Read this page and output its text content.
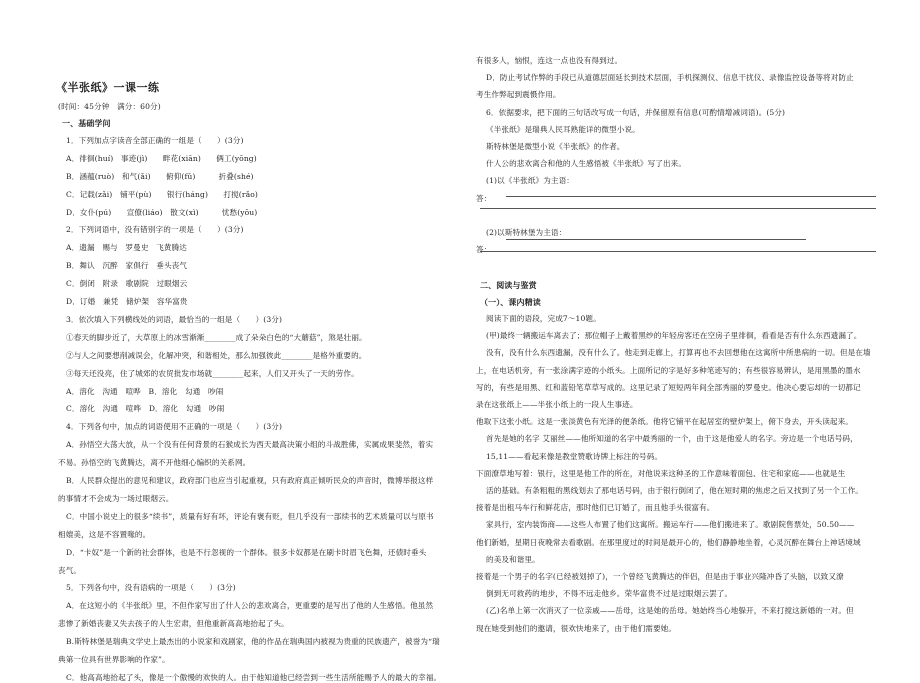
《半张纸》一课一练
(时间：45分钟　满分：60分)
一、基础学问
1．下列加点字读音全部正确的一组是（　　）(3分)
A．徘徊(huí)　事迹(jì)　　畔花(xiān)　　俩工(yōng)
B．涵蕴(ruò)　和气(ǎi)　　俯仰(fǔ)　　　折叠(shé)
C．记载(zǎi)　铺平(pù)　　银行(háng)　　打搅(rǎo)
D．女仆(pú)　　宣僚(liáo)　散文(xì)　　　忧愁(yōu)
2．下列词语中，没有错别字的一项是（　　）(3分)
A．遗漏　赐与　罗曼史　飞黄腾达
B．舞认　沉醉　家俱行　垂头丧气
C．倒闭　附录　歌剧院　过眼烟云
D．订婚　兼凭　储炉架　容华富贵
3．依次填入下列横线处的词语，最恰当的一组是（　　）(3分)
①春天的脚步近了，大草原上的冰雪渐渐________成了朵朵白色的“大蘑菇”，煞是壮丽。
②与人之间要想削减误会，化解冲突，和谐相处，那么加强彼此________是格外重要的。
③每天还没亮，住了城郊的农贸批发市场就________起来，人们又开头了一天的劳作。
A．溶化　沟通　喧哗　B．溶化　勾通　吵闹
C．溶化　沟通　喧哗　D．溶化　勾通　吵闹
4．下列各句中，加点的词语使用不正确的一项是（　　）(3分)
A．孙悟空大荡大放，从一个没有任何背景的石猴成长为西天最高决策小组的斗战胜佛，实属成果斐然，着实
不易。孙悟空的飞黄腾达，离不开他细心编织的关系网。
B．人民群众提出的意见和建议，政府部门也应当引起重视，只有政府真正倾听民众的声音时，微博举报这样
的事情才不会成为一场过眼烟云。
C．中国小说史上的很多“续书”，质量有好有坏，评论有褒有贬，但几乎没有一部续书的艺术质量可以与原书
相媲美，这是不容置喙的。
D．“卡奴”是一个新的社会群体，也是不行忽视的一个群体。很多卡奴都是在刷卡时眉飞色舞，还债时垂头
丧气。
5．下列各句中，没有语病的一项是（　　）(3分)
A．在这短小的《半张纸》里，不但作家写出了什人公的悲欢离合，更重要的是写出了他的人生感悟。他虽然
悲惨了新婚丧妻又失去孩子的人生宏肃，但他重新高高地抬起了头。
B.斯特林堡是瑞典文学史上最杰出的小说家和戏剧家，他的作品在瑞典国内被视为贵重的民族遗产，被誉为“瑞
典第一位具有世界影响的作家”。
C．他高高地抬起了头，像是一个傲慢的欢快的人。由于他知道他已经尝到一些生活所能赐予人的最大的幸福。
有很多人，恼恨，连这一点也没有得到过。
D．防止考试作弊的手段已从道德层面延长到技术层面，手机探测仪、信息干扰仪、录像监控设备等将对防止
考生作弊起到震慑作用。
6．依据要求，把下面的三句话改写成一句话，并保留原有信息(可酌情增减词语)。(5分)
《半张纸》是瑞典人民耳熟能详的微型小说。
斯特林堡是微型小说《半张纸》的作者。
什人公的悲欢离合和他的人生感悟被《半张纸》写了出来。
(1)以《半张纸》为主语：
答：
(2)以斯特林堡为主语：
答：
二、阅读与鉴赏
（一）、课内精读
阅读下面的语段，完成7～10题。
(甲)最终一辆搬运车离去了；那位帽子上戴着黑纱的年轻房客还在空房子里徘徊，看看是否有什么东西遗漏了。
没有，没有什么东西遗漏，没有什么了。他走到走廊上，打算再也不去回想他在这寓所中所患病的一切。但是在墙
上，在电话机旁，有一张涂满字迹的小纸头。上面所记的字是好多种笔迹写的；有些很容易辨认，是用黑墨的墨水
写的，有些是用黑、红和蓝铅笔草草写成的。这里记录了短短两年间全部秀丽的罗曼史。他决心要忘却的一切都记
录在这张纸上——半张小纸上的一段人生事迹。
他取下这张小纸。这是一张淡黄色有光泽的便条纸。他将它铺平在起居室的壁炉架上，俯下身去，开头读起来。
首先是她的名字 艾丽丝——他所知道的名字中最秀丽的一个，由于这是他爱人的名字。旁边是一个电话号码，
15,11——看起来像是教堂赞歌诗牌上标注的号码。
下面潦草地写着：银行，这里是他工作的所在，对他说来这种圣的工作意味着面包、住宅和家庭——也就是生
活的基础。有条粗粗的黑线划去了那电话号码，由于银行倒闭了，他在短时期的焦虑之后又找到了另一个工作。
接着是出租马车行和鲜花店，那时他们已订婚了，而且他手头很富有。
家具行，室内装饰商——这些人布置了他们这寓所。搬运车行——他们搬进来了。歌剧院售票处，50.50——
他们新婚，星期日夜晚常去看歌剧。在那里度过的时间是最开心的，他们静静地坐着，心灵沉醉在舞台上神话境域
的美及和谐里。
接着是一个男子的名字(已经被划掉了)，一个曾经飞黄腾达的伴侣，但是由于事业兴隆冲昏了头脑，以致又潦
倒到无可救药的地步，不得不远走他乡。荣华富贵不过是过眼烟云罢了。
(乙)名单上第一次消灭了一位亲戚——岳母，这是她的岳母。她始终当心地躲开，不来打搅这新婚的一对。但
现在她受到他们的邀请，很欢快地来了，由于他们需要她。
